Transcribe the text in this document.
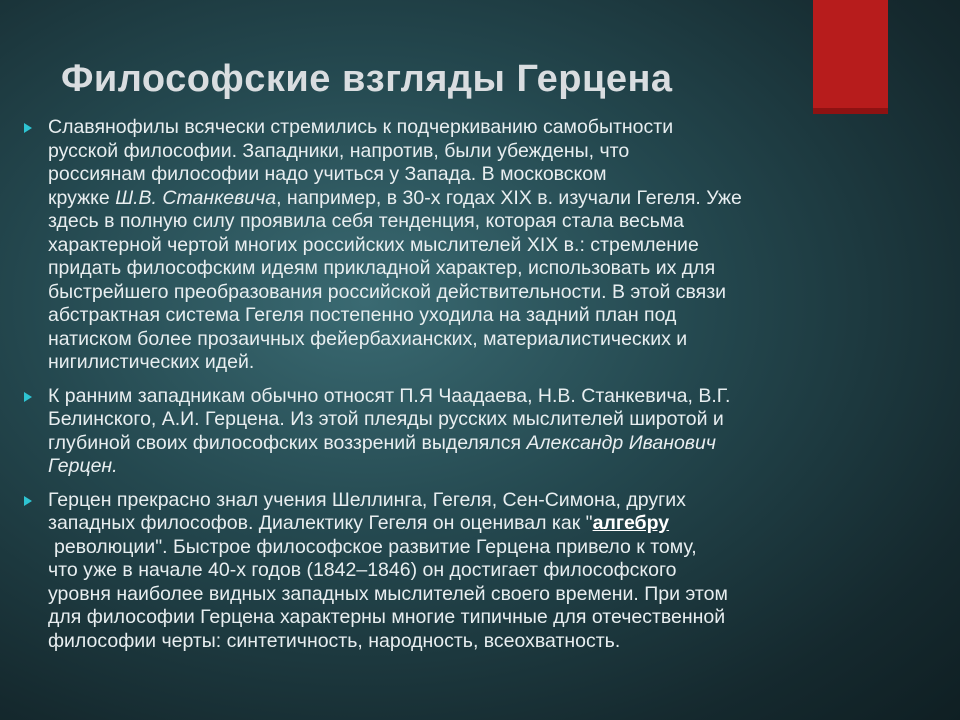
Философские взгляды Герцена

Славянофилы всячески стремились к подчеркиванию самобытности
русской философии. Западники, напротив, были убеждены, что
россиянам философии надо учиться у Запада. В московском
кружке Ш.В. Станкевича, например, в 30-х годах XIX в. изучали Гегеля. Уже
здесь в полную силу проявила себя тенденция, которая стала весьма
характерной чертой многих российских мыслителей XIX в.: стремление
придать философским идеям прикладной характер, использовать их для
быстрейшего преобразования российской действительности. В этой связи
абстрактная система Гегеля постепенно уходила на задний план под
натиском более прозаичных фейербахианских, материалистических и
нигилистических идей.

К ранним западникам обычно относят П.Я Чаадаева, Н.В. Станкевича, В.Г.
Белинского, А.И. Герцена. Из этой плеяды русских мыслителей широтой и
глубиной своих философских воззрений выделялся Александр Иванович
Герцен.

Герцен прекрасно знал учения Шеллинга, Гегеля, Сен-Симона, других
западных философов. Диалектику Гегеля он оценивал как "алгебру
революции". Быстрое философское развитие Герцена привело к тому,
что уже в начале 40-х годов (1842–1846) он достигает философского
уровня наиболее видных западных мыслителей своего времени. При этом
для философии Герцена характерны многие типичные для отечественной
философии черты: синтетичность, народность, всеохватность.
